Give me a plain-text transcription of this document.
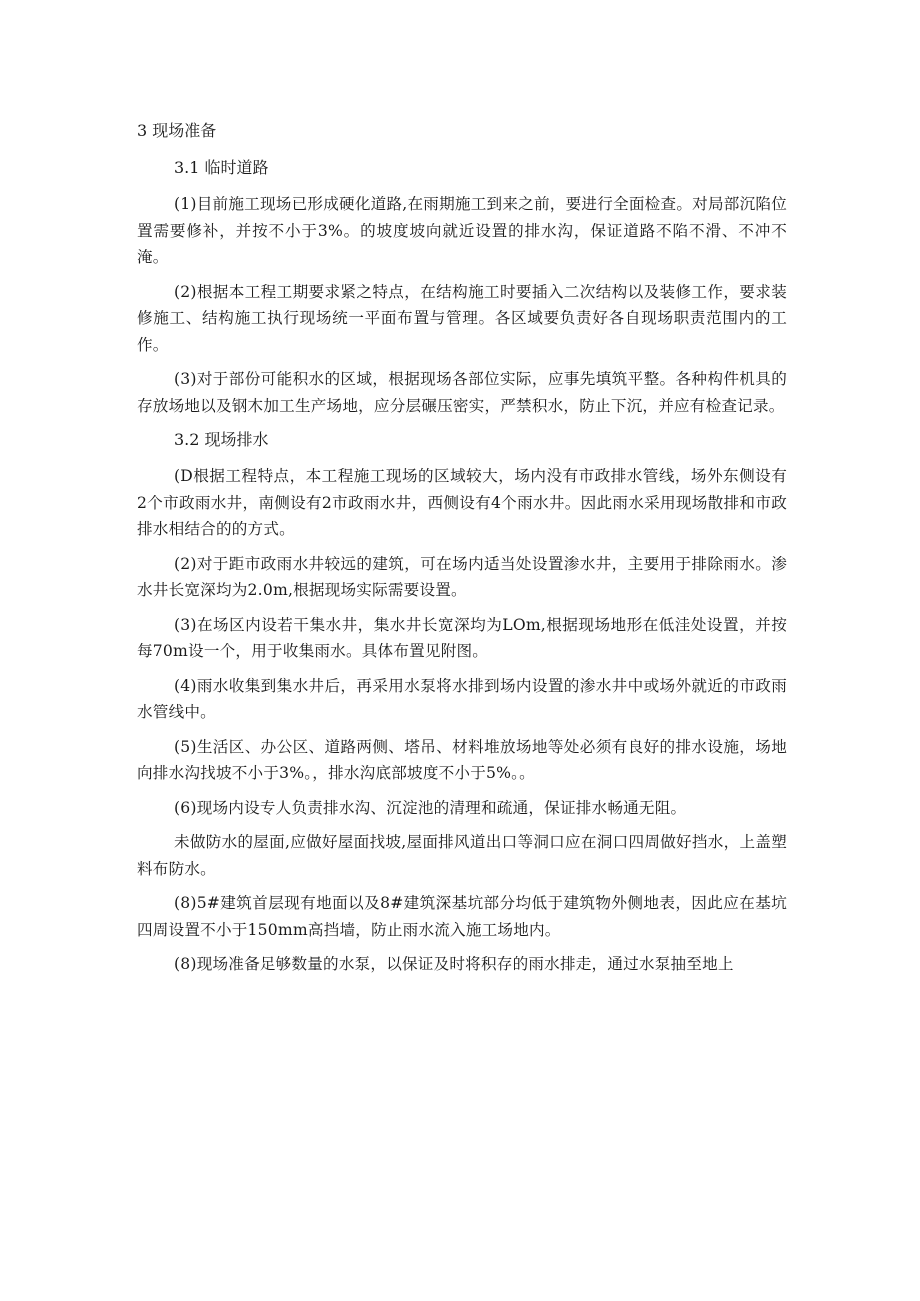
3 现场准备
3.1 临时道路

(1)目前施工现场已形成硬化道路,在雨期施工到来之前，要进行全面检查。对局部沉陷位置需要修补，并按不小于3%。的坡度坡向就近设置的排水沟，保证道路不陷不滑、不冲不淹。

(2)根据本工程工期要求紧之特点，在结构施工时要插入二次结构以及装修工作，要求装修施工、结构施工执行现场统一平面布置与管理。各区域要负责好各自现场职责范围内的工作。

(3)对于部份可能积水的区域，根据现场各部位实际，应事先填筑平整。各种构件机具的存放场地以及钢木加工生产场地，应分层碾压密实，严禁积水，防止下沉，并应有检查记录。

3.2 现场排水

(D根据工程特点，本工程施工现场的区域较大，场内没有市政排水管线，场外东侧设有2个市政雨水井，南侧设有2市政雨水井，西侧设有4个雨水井。因此雨水采用现场散排和市政排水相结合的的方式。

(2)对于距市政雨水井较远的建筑，可在场内适当处设置渗水井，主要用于排除雨水。渗水井长宽深均为2.0m,根据现场实际需要设置。

(3)在场区内设若干集水井，集水井长宽深均为LOm,根据现场地形在低洼处设置，并按每70m设一个，用于收集雨水。具体布置见附图。

(4)雨水收集到集水井后，再采用水泵将水排到场内设置的渗水井中或场外就近的市政雨水管线中。

(5)生活区、办公区、道路两侧、塔吊、材料堆放场地等处必须有良好的排水设施，场地向排水沟找坡不小于3%。，排水沟底部坡度不小于5%。。

(6)现场内设专人负责排水沟、沉淀池的清理和疏通，保证排水畅通无阻。

未做防水的屋面,应做好屋面找坡,屋面排风道出口等洞口应在洞口四周做好挡水，上盖塑料布防水。

(8)5#建筑首层现有地面以及8#建筑深基坑部分均低于建筑物外侧地表，因此应在基坑四周设置不小于150mm高挡墙，防止雨水流入施工场地内。

(8)现场准备足够数量的水泵，以保证及时将积存的雨水排走，通过水泵抽至地上
